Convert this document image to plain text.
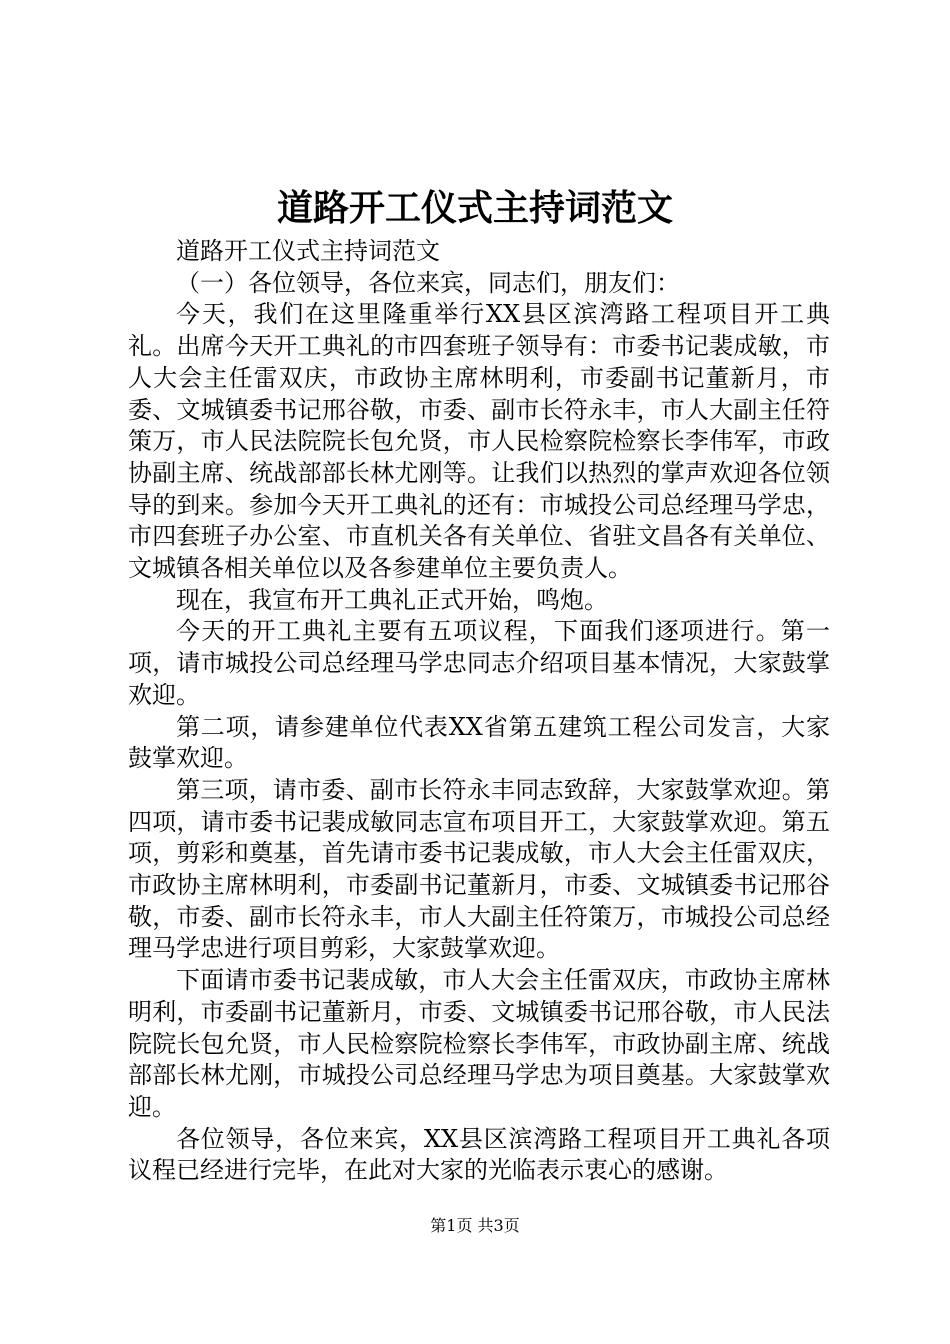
道路开工仪式主持词范文

道路开工仪式主持词范文

（一）各位领导，各位来宾，同志们，朋友们：

今天，我们在这里隆重举行XX县区滨湾路工程项目开工典礼。出席今天开工典礼的市四套班子领导有：市委书记裴成敏，市人大会主任雷双庆，市政协主席林明利，市委副书记董新月，市委、文城镇委书记邢谷敬，市委、副市长符永丰，市人大副主任符策万，市人民法院院长包允贤，市人民检察院检察长李伟军，市政协副主席、统战部部长林尤刚等。让我们以热烈的掌声欢迎各位领导的到来。参加今天开工典礼的还有：市城投公司总经理马学忠，市四套班子办公室、市直机关各有关单位、省驻文昌各有关单位、文城镇各相关单位以及各参建单位主要负责人。

现在，我宣布开工典礼正式开始，鸣炮。

今天的开工典礼主要有五项议程，下面我们逐项进行。第一项，请市城投公司总经理马学忠同志介绍项目基本情况，大家鼓掌欢迎。

第二项，请参建单位代表XX省第五建筑工程公司发言，大家鼓掌欢迎。

第三项，请市委、副市长符永丰同志致辞，大家鼓掌欢迎。第四项，请市委书记裴成敏同志宣布项目开工，大家鼓掌欢迎。第五项，剪彩和奠基，首先请市委书记裴成敏，市人大会主任雷双庆，市政协主席林明利，市委副书记董新月，市委、文城镇委书记邢谷敬，市委、副市长符永丰，市人大副主任符策万，市城投公司总经理马学忠进行项目剪彩，大家鼓掌欢迎。

下面请市委书记裴成敏，市人大会主任雷双庆，市政协主席林明利，市委副书记董新月，市委、文城镇委书记邢谷敬，市人民法院院长包允贤，市人民检察院检察长李伟军，市政协副主席、统战部部长林尤刚，市城投公司总经理马学忠为项目奠基。大家鼓掌欢迎。

各位领导，各位来宾，XX县区滨湾路工程项目开工典礼各项议程已经进行完毕，在此对大家的光临表示衷心的感谢。

第1页 共3页
